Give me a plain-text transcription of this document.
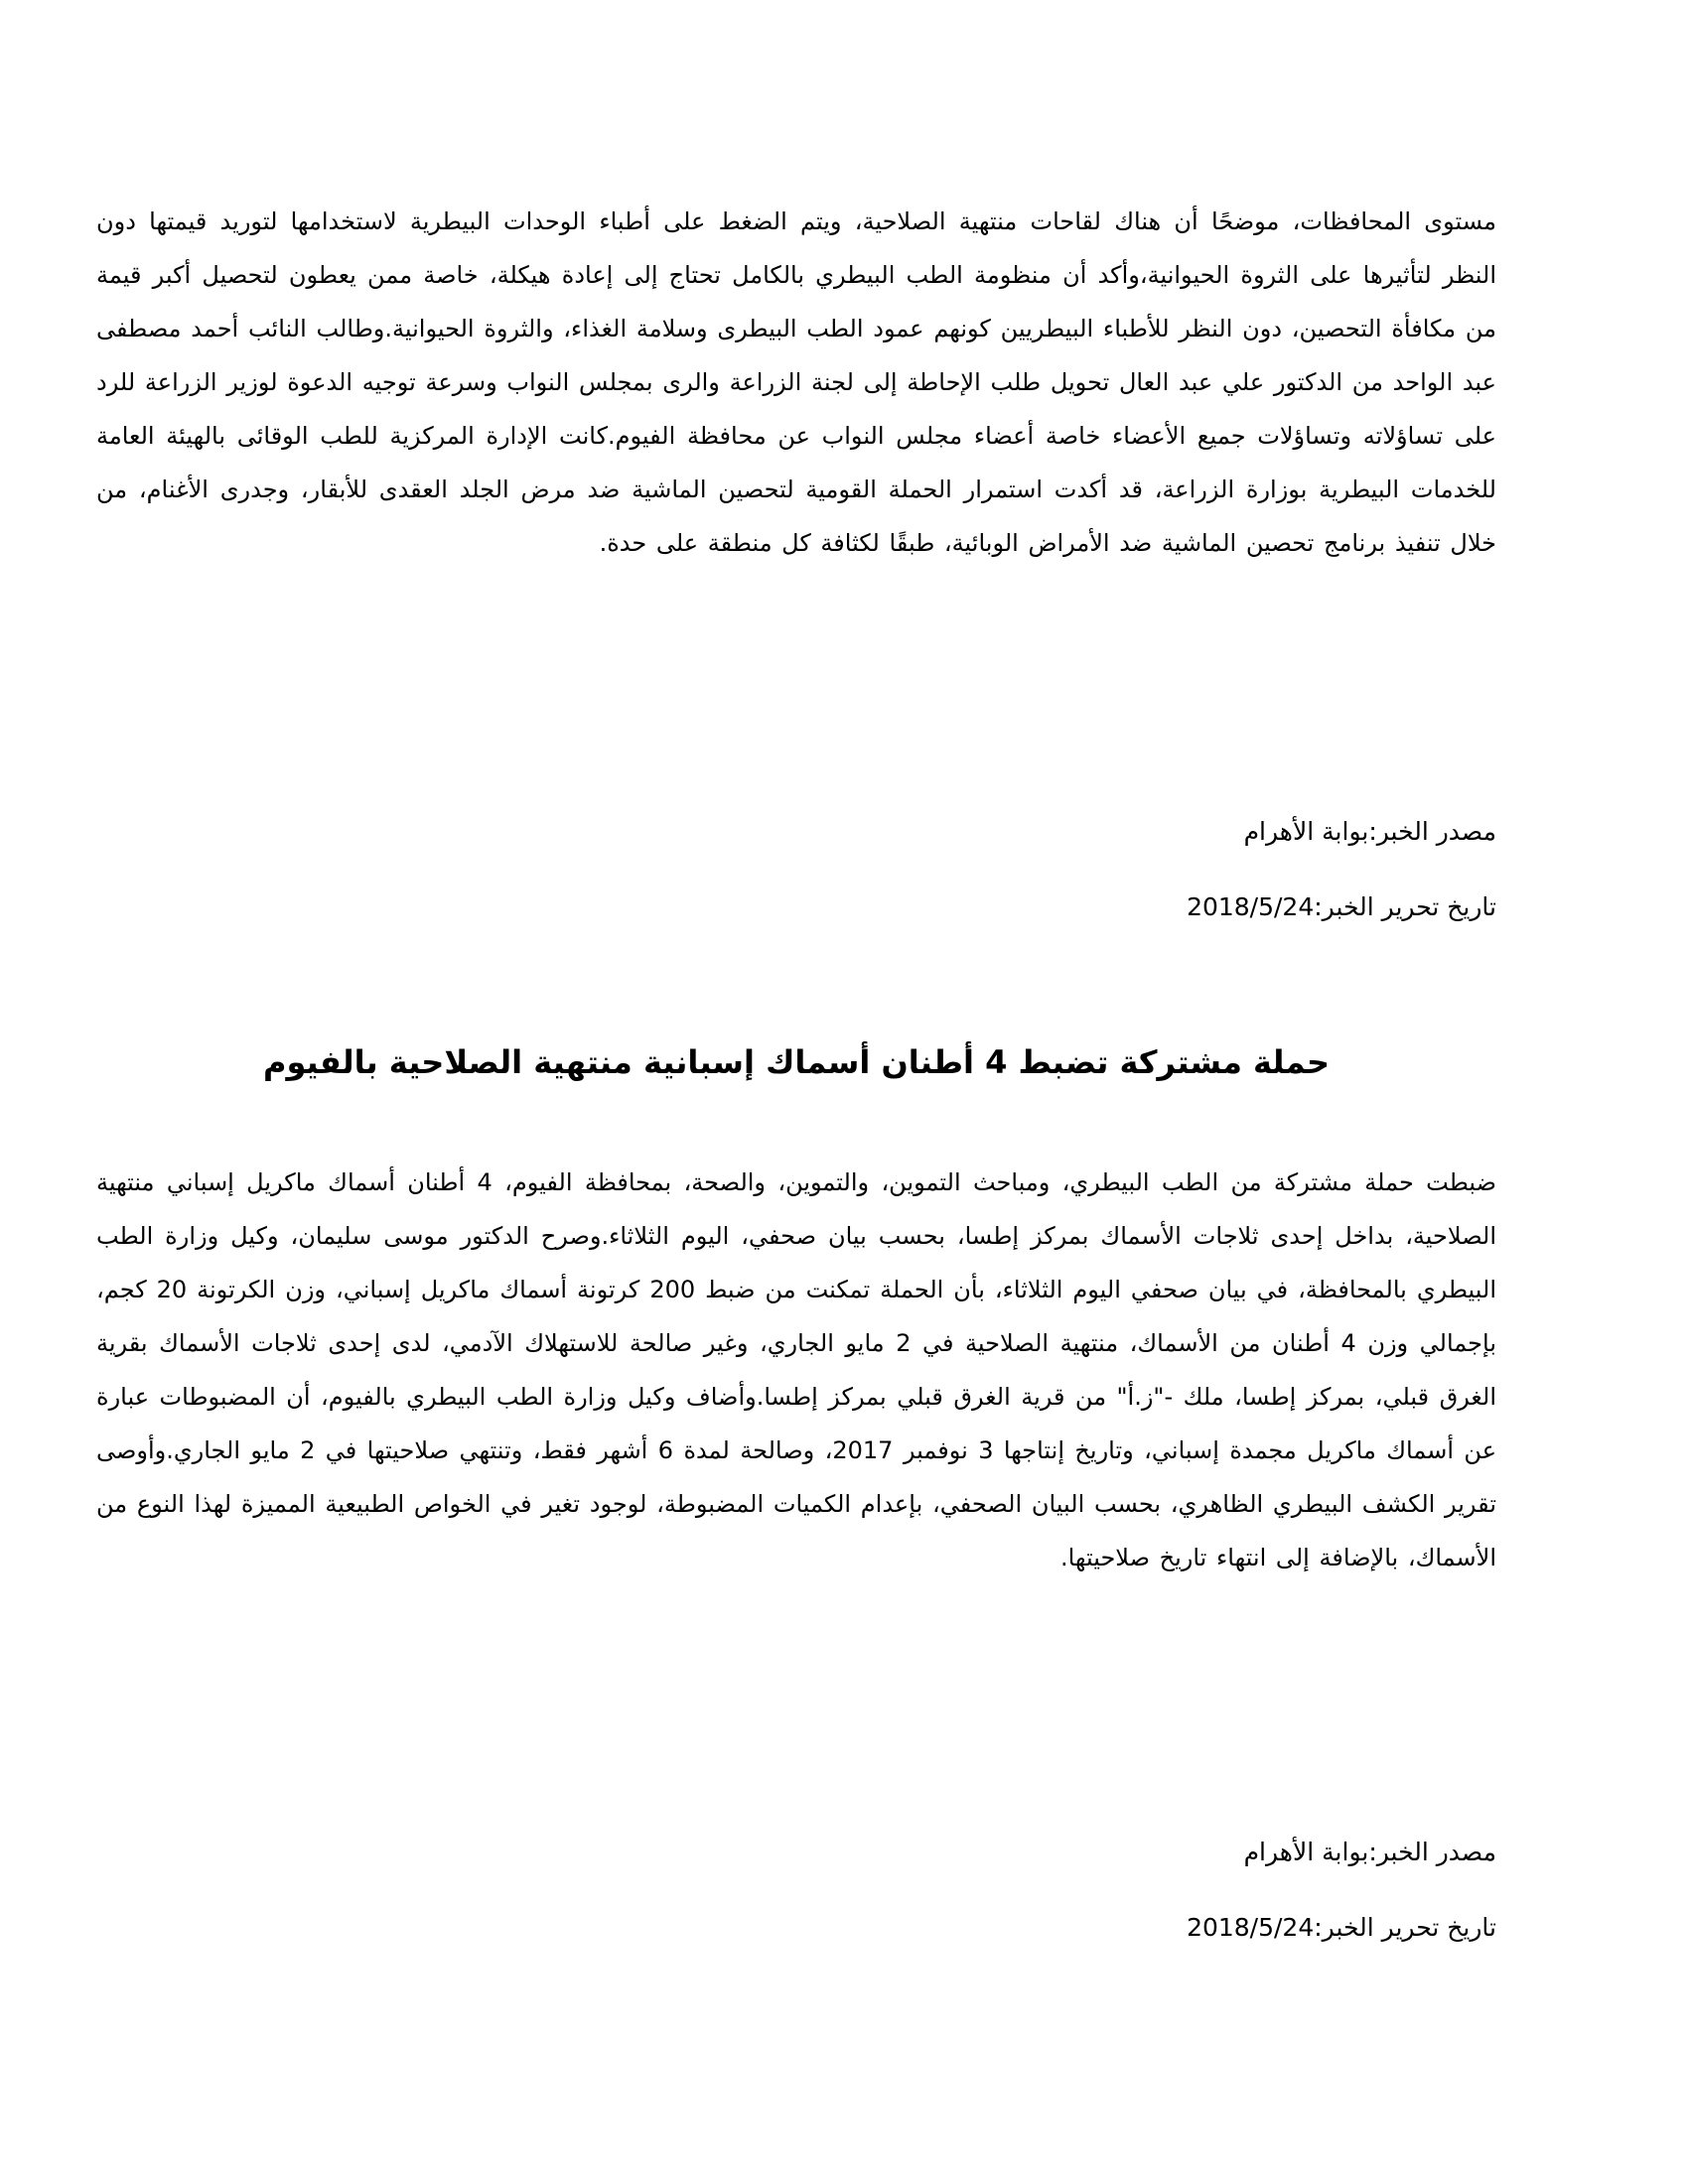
مستوى المحافظات، موضحًا أن هناك لقاحات منتهية الصلاحية، ويتم الضغط على أطباء الوحدات البيطرية لاستخدامها لتوريد قيمتها دون النظر لتأثيرها على الثروة الحيوانية،وأكد أن منظومة الطب البيطري بالكامل تحتاج إلى إعادة هيكلة، خاصة ممن يعطون لتحصيل أكبر قيمة من مكافأة التحصين، دون النظر للأطباء البيطريين كونهم عمود الطب البيطرى وسلامة الغذاء، والثروة الحيوانية.وطالب النائب أحمد مصطفى عبد الواحد من الدكتور علي عبد العال تحويل طلب الإحاطة إلى لجنة الزراعة والرى بمجلس النواب وسرعة توجيه الدعوة لوزير الزراعة للرد على تساؤلاته وتساؤلات جميع الأعضاء خاصة أعضاء مجلس النواب عن محافظة الفيوم.كانت الإدارة المركزية للطب الوقائى بالهيئة العامة للخدمات البيطرية بوزارة الزراعة، قد أكدت استمرار الحملة القومية لتحصين الماشية ضد مرض الجلد العقدى للأبقار، وجدرى الأغنام، من خلال تنفيذ برنامج تحصين الماشية ضد الأمراض الوبائية، طبقًا لكثافة كل منطقة على حدة.

مصدر الخبر:بوابة الأهرام

تاريخ تحرير الخبر:2018/5/24

حملة مشتركة تضبط 4 أطنان أسماك إسبانية منتهية الصلاحية بالفيوم

ضبطت حملة مشتركة من الطب البيطري، ومباحث التموين، والتموين، والصحة، بمحافظة الفيوم، 4 أطنان أسماك ماكريل إسباني منتهية الصلاحية، بداخل إحدى ثلاجات الأسماك بمركز إطسا، بحسب بيان صحفي، اليوم الثلاثاء.وصرح الدكتور موسى سليمان، وكيل وزارة الطب البيطري بالمحافظة، في بيان صحفي اليوم الثلاثاء، بأن الحملة تمكنت من ضبط 200 كرتونة أسماك ماكريل إسباني، وزن الكرتونة 20 كجم، بإجمالي وزن 4 أطنان من الأسماك، منتهية الصلاحية في 2 مايو الجاري، وغير صالحة للاستهلاك الآدمي، لدى إحدى ثلاجات الأسماك بقرية الغرق قبلي، بمركز إطسا، ملك -"ز.أ" من قرية الغرق قبلي بمركز إطسا.وأضاف وكيل وزارة الطب البيطري بالفيوم، أن المضبوطات عبارة عن أسماك ماكريل مجمدة إسباني، وتاريخ إنتاجها 3 نوفمبر 2017، وصالحة لمدة 6 أشهر فقط، وتنتهي صلاحيتها في 2 مايو الجاري.وأوصى تقرير الكشف البيطري الظاهري، بحسب البيان الصحفي، بإعدام الكميات المضبوطة، لوجود تغير في الخواص الطبيعية المميزة لهذا النوع من الأسماك، بالإضافة إلى انتهاء تاريخ صلاحيتها.

مصدر الخبر:بوابة الأهرام

تاريخ تحرير الخبر:2018/5/24
